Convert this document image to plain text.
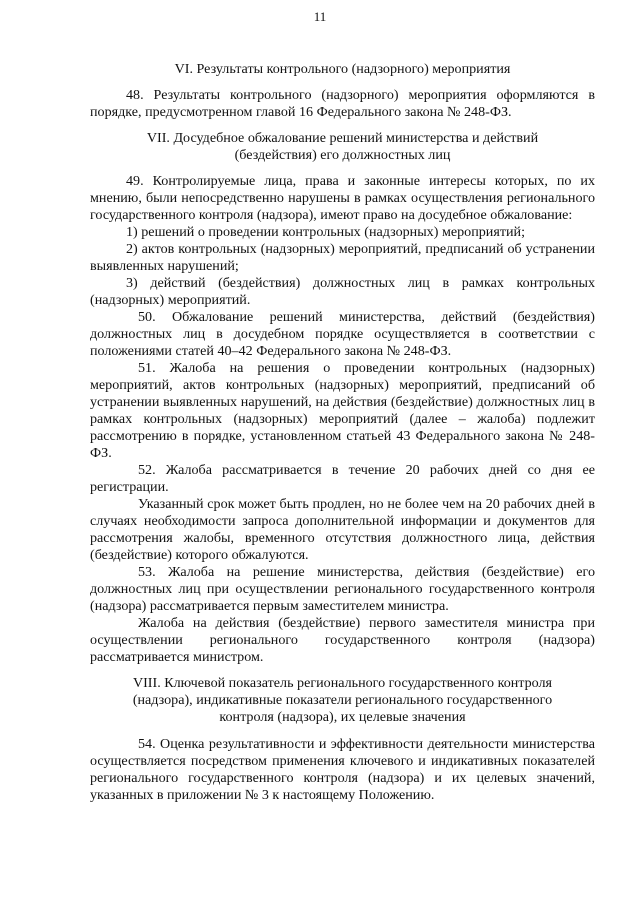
11

VI. Результаты контрольного (надзорного) мероприятия

48. Результаты контрольного (надзорного) мероприятия оформляются в порядке, предусмотренном главой 16 Федерального закона № 248-ФЗ.

VII. Досудебное обжалование решений министерства и действий
(бездействия) его должностных лиц

49. Контролируемые лица, права и законные интересы которых, по их мнению, были непосредственно нарушены в рамках осуществления регионального государственного контроля (надзора), имеют право на досудебное обжалование:

1) решений о проведении контрольных (надзорных) мероприятий;

2) актов контрольных (надзорных) мероприятий, предписаний об устранении выявленных нарушений;

3) действий (бездействия) должностных лиц в рамках контрольных (надзорных) мероприятий.

50. Обжалование решений министерства, действий (бездействия) должностных лиц в досудебном порядке осуществляется в соответствии с положениями статей 40–42 Федерального закона № 248-ФЗ.

51. Жалоба на решения о проведении контрольных (надзорных) мероприятий, актов контрольных (надзорных) мероприятий, предписаний об устранении выявленных нарушений, на действия (бездействие) должностных лиц в рамках контрольных (надзорных) мероприятий (далее – жалоба) подлежит рассмотрению в порядке, установленном статьей 43 Федерального закона № 248-ФЗ.

52. Жалоба рассматривается в течение 20 рабочих дней со дня ее регистрации.

Указанный срок может быть продлен, но не более чем на 20 рабочих дней в случаях необходимости запроса дополнительной информации и документов для рассмотрения жалобы, временного отсутствия должностного лица, действия (бездействие) которого обжалуются.

53. Жалоба на решение министерства, действия (бездействие) его должностных лиц при осуществлении регионального государственного контроля (надзора) рассматривается первым заместителем министра.

Жалоба на действия (бездействие) первого заместителя министра при осуществлении регионального государственного контроля (надзора) рассматривается министром.

VIII. Ключевой показатель регионального государственного контроля
(надзора), индикативные показатели регионального государственного
контроля (надзора), их целевые значения

54. Оценка результативности и эффективности деятельности министерства осуществляется посредством применения ключевого и индикативных показателей регионального государственного контроля (надзора) и их целевых значений, указанных в приложении № 3 к настоящему Положению.
